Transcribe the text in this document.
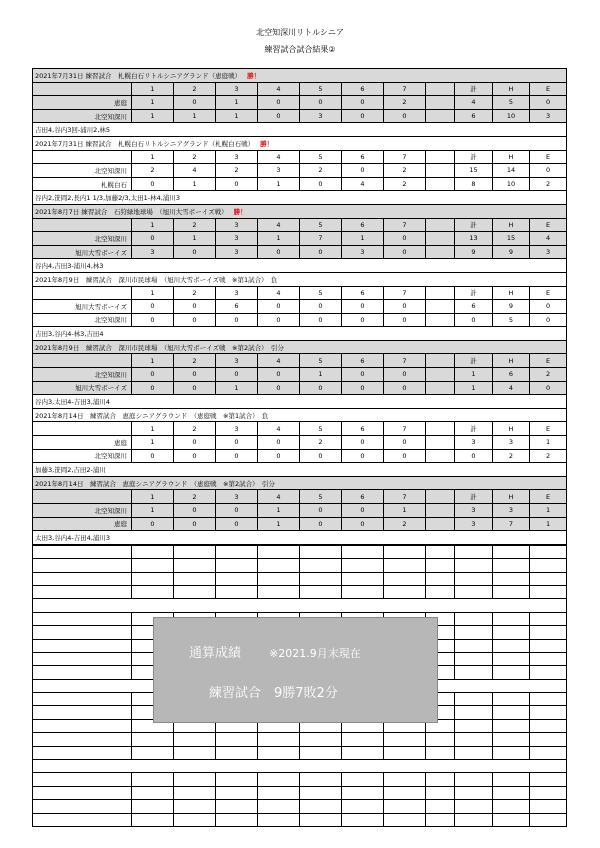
北空知深川リトルシニア
練習試合試合結果②
2021年7月31日 練習試合　札幌白石リトルシニアグランド（恵庭戦） 勝！											
	1	2	3	4	5	6	7		計	H	E
恵庭	1	0	1	0	0	0	2		4	5	0
北空知深川	1	1	1	0	3	0	0		6	10	3
吉田4,谷内3回-浦川2,林5											
2021年7月31日 練習試合　札幌白石リトルシニアグランド（札幌白石戦） 勝！											
	1	2	3	4	5	6	7		計	H	E
北空知深川	2	4	2	3	2	0	2		15	14	0
札幌白石	0	1	0	1	0	4	2		8	10	2
谷内2,笹岡2,長内1 1/3,加藤2/3,太田1-林4,浦川3											
2021年8月7日 練習試合　石狩緑地球場　（旭川大雪ボーイズ戦） 勝！											
	1	2	3	4	5	6	7		計	H	E
北空知深川	0	1	3	1	7	1	0		13	15	4
旭川大雪ボーイズ	3	0	3	0	0	3	0		9	9	3
谷内4,吉田3-浦川4,林3											
2021年8月9日　練習試合　深川市民球場　（旭川大雪ボーイズ戦　※第1試合）　負											
	1	2	3	4	5	6	7		計	H	E
旭川大雪ボーイズ	0	0	6	0	0	0	0		6	9	0
北空知深川	0	0	0	0	0	0	0		0	5	0
吉田3,谷内4-林3,吉田4											
2021年8月9日　練習試合　深川市民球場　（旭川大雪ボーイズ戦　※第2試合）　引分											
	1	2	3	4	5	6	7		計	H	E
北空知深川	0	0	0	0	1	0	0		1	6	2
旭川大雪ボーイズ	0	0	1	0	0	0	0		1	4	0
谷内3,太田4-吉田3,浦川4											
2021年8月14日　練習試合　恵庭シニアグラウンド　（恵庭戦　※第1試合）　負											
	1	2	3	4	5	6	7		計	H	E
恵庭	1	0	0	0	2	0	0		3	3	1
北空知深川	0	0	0	0	0	0	0		0	2	2
加藤3,笹岡2,吉田2-浦川											
2021年8月14日　練習試合　恵庭シニアグラウンド　（恵庭戦　※第2試合）　引分											
	1	2	3	4	5	6	7		計	H	E
北空知深川	1	0	0	1	0	0	1		3	3	1
恵庭	0	0	0	1	0	0	2		3	7	1
太田3,谷内4-吉田4,浦川3											

通算成績	※2021.9月末現在
練習試合　9勝7敗2分
